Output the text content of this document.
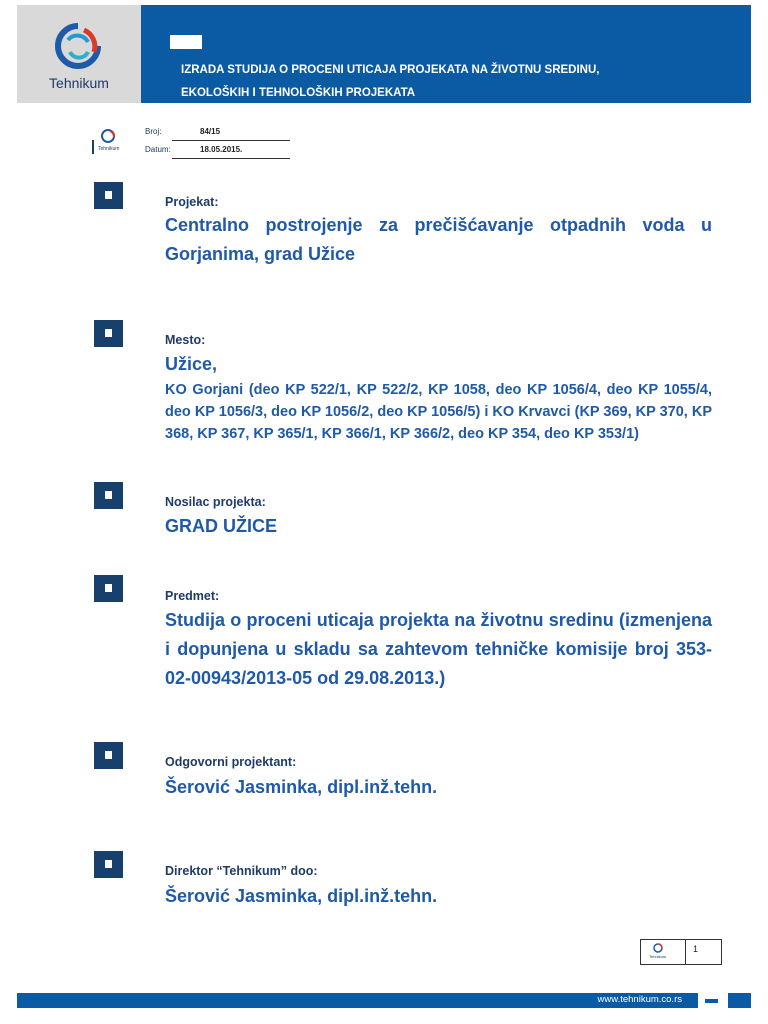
Tehnikum
IZRADA STUDIJA O PROCENI UTICAJA PROJEKATA NA ŽIVOTNU SREDINU,
EKOLOŠKIH I TEHNOLOŠKIH PROJEKATA
Tehnikum
Broj:	84/15
Datum:	18.05.2015.
Projekat:
Centralno postrojenje za prečišćavanje otpadnih voda u Gorjanima, grad Užice
Mesto:
Užice,
KO Gorjani (deo KP 522/1, KP 522/2, KP 1058, deo KP 1056/4, deo KP 1055/4, deo KP 1056/3, deo KP 1056/2, deo KP 1056/5) i KO Krvavci (KP 369, KP 370, KP 368, KP 367, KP 365/1, KP 366/1, KP 366/2, deo KP 354, deo KP 353/1)
Nosilac projekta:
GRAD UŽICE
Predmet:
Studija o proceni uticaja projekta na životnu sredinu (izmenjena i dopunjena u skladu sa zahtevom tehničke komisije broj 353-02-00943/2013-05 od 29.08.2013.)
Odgovorni projektant:
Šerović Jasminka, dipl.inž.tehn.
Direktor “Tehnikum” doo:
Šerović Jasminka, dipl.inž.tehn.
Tehnikum
1
www.tehnikum.co.rs
